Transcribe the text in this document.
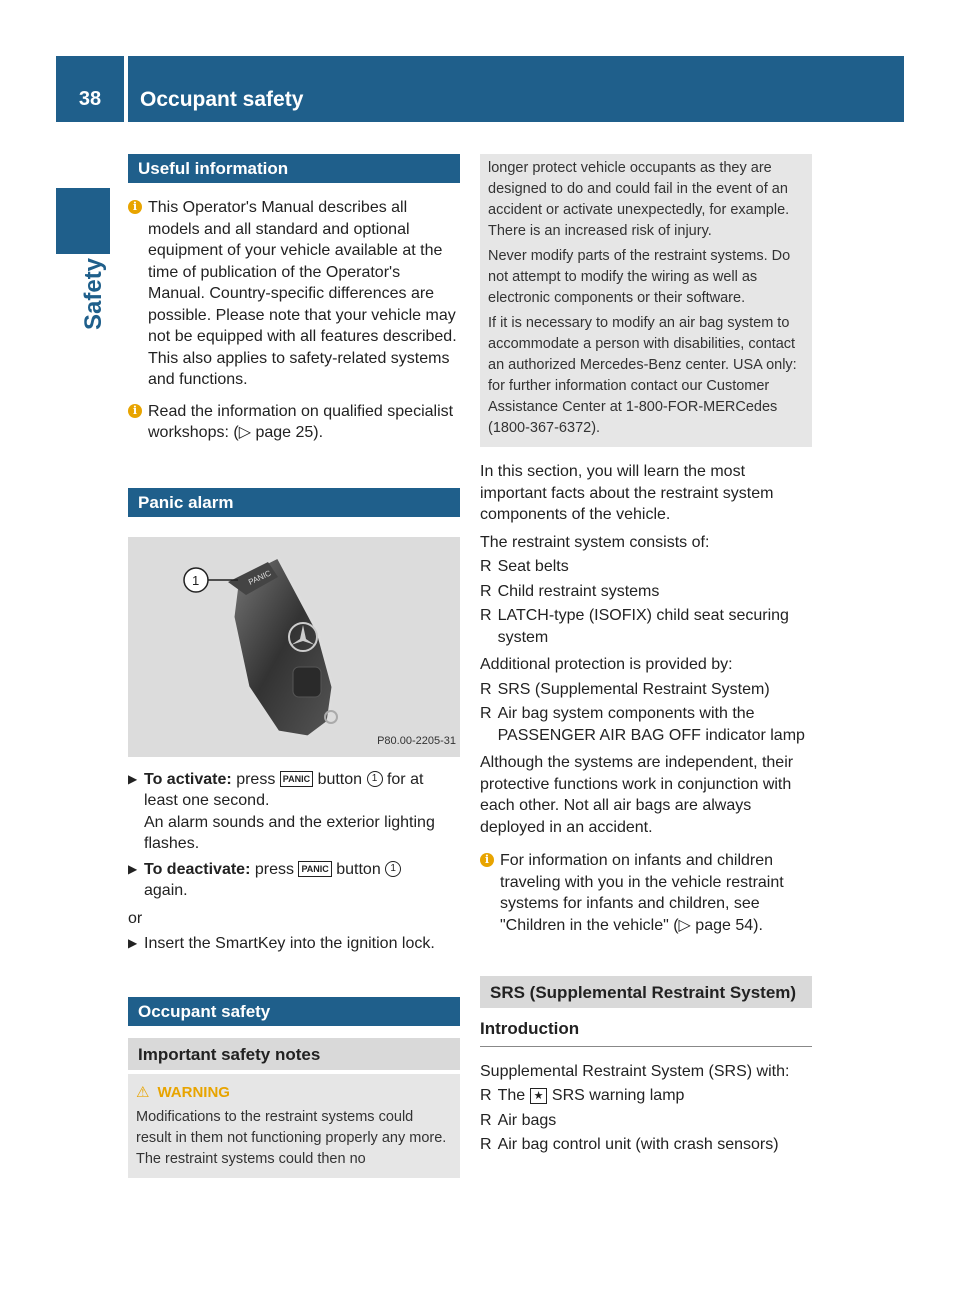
38	Occupant safety
Safety
Useful information
i This Operator's Manual describes all models and all standard and optional equipment of your vehicle available at the time of publication of the Operator's Manual. Country-specific differences are possible. Please note that your vehicle may not be equipped with all features described. This also applies to safety-related systems and functions.
i Read the information on qualified specialist workshops: (▷ page 25).
Panic alarm
PANIC
1
P80.00-2205-31
▶ To activate: press PANIC button 1 for at least one second.
An alarm sounds and the exterior lighting flashes.
▶ To deactivate: press PANIC button 1
again.
or
▶ Insert the SmartKey into the ignition lock.
Occupant safety
Important safety notes
⚠ WARNING
Modifications to the restraint systems could result in them not functioning properly any more. The restraint systems could then no
longer protect vehicle occupants as they are designed to do and could fail in the event of an accident or activate unexpectedly, for example. There is an increased risk of injury.
Never modify parts of the restraint systems. Do not attempt to modify the wiring as well as electronic components or their software.
If it is necessary to modify an air bag system to accommodate a person with disabilities, contact an authorized Mercedes-Benz center. USA only: for further information contact our Customer Assistance Center at 1-800-FOR-MERCedes (1800-367-6372).
In this section, you will learn the most important facts about the restraint system components of the vehicle.
The restraint system consists of:
R Seat belts
R Child restraint systems
R LATCH-type (ISOFIX) child seat securing system
Additional protection is provided by:
R SRS (Supplemental Restraint System)
R Air bag system components with the PASSENGER AIR BAG OFF indicator lamp
Although the systems are independent, their protective functions work in conjunction with each other. Not all air bags are always deployed in an accident.
i For information on infants and children traveling with you in the vehicle restraint systems for infants and children, see "Children in the vehicle" (▷ page 54).
SRS (Supplemental Restraint System)
Introduction
Supplemental Restraint System (SRS) with:
R The ★ SRS warning lamp
R Air bags
R Air bag control unit (with crash sensors)
